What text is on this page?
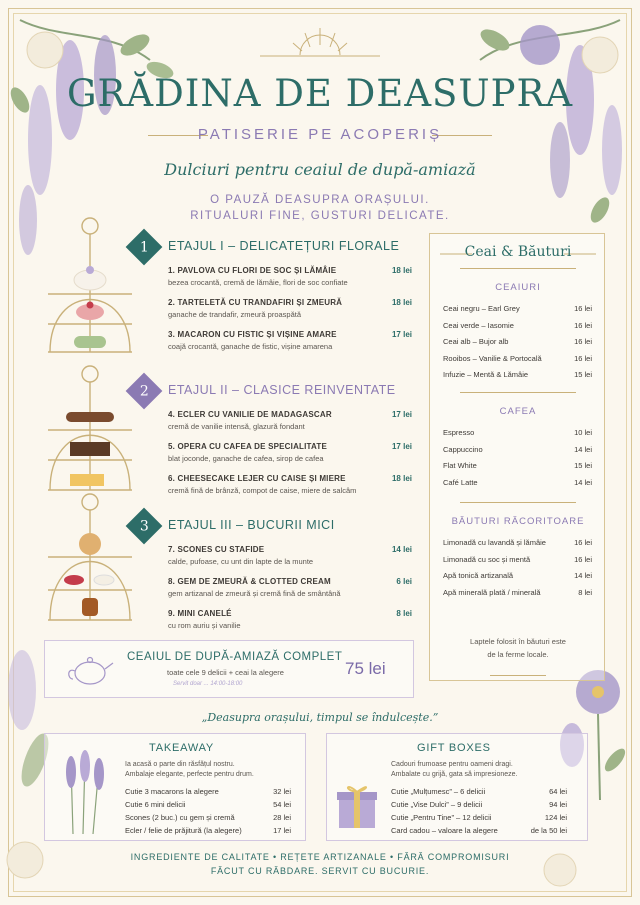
GRĂDINA DE DEASUPRA
PATISERIE PE ACOPERIȘ
Dulciuri pentru ceaiul de după-amiază
O PAUZĂ DEASUPRA ORAȘULUI.
RITUALURI FINE, GUSTURI DELICATE.
1 ETAJUL I – DELICATEȚURI FLORALE
1. PAVLOVA CU FLORI DE SOC ȘI LĂMÂIE
bezea crocantă, cremă de lămâie, flori de soc confiate
18 lei
2. TARTELETĂ CU TRANDAFIRI ȘI ZMEURĂ
ganache de trandafir, zmeură proaspătă
18 lei
3. MACARON CU FISTIC ȘI VIȘINE AMARE
coajă crocantă, ganache de fistic, vișine amarena
17 lei
2 ETAJUL II – CLASICE REINVENTATE
4. ECLER CU VANILIE DE MADAGASCAR
cremă de vanilie intensă, glazură fondant
17 lei
5. OPERA CU CAFEA DE SPECIALITATE
blat joconde, ganache de cafea, sirop de cafea
17 lei
6. CHEESECAKE LEJER CU CAISE ȘI MIERE
cremă fină de brânză, compot de caise, miere de salcâm
18 lei
3 ETAJUL III – BUCURII MICI
7. SCONES CU STAFIDE
calde, pufoase, cu unt din lapte de la munte
14 lei
8. GEM DE ZMEURĂ & CLOTTED CREAM
gem artizanal de zmeură și cremă fină de smântână
6 lei
9. MINI CANELÉ
cu rom auriu și vanilie
8 lei
Ceai & Băuturi
CEAIURI
Ceai negru – Earl Grey	16 lei
Ceai verde – Iasomie	16 lei
Ceai alb – Bujor alb	16 lei
Rooibos – Vanilie & Portocală	16 lei
Infuzie – Mentă & Lămâie	15 lei
CAFEA
Espresso	10 lei
Cappuccino	14 lei
Flat White	15 lei
Café Latte	14 lei
BĂUTURI RĂCORITOARE
Limonadă cu lavandă și lămâie	16 lei
Limonadă cu soc și mentă	16 lei
Apă tonică artizanală	14 lei
Apă minerală plată / minerală	8 lei
Laptele folosit în băuturi este
de la ferme locale.
CEAIUL DE DUPĂ-AMIAZĂ COMPLET
toate cele 9 delicii + ceai la alegere
Servit doar ... 14:00-18:00
75 lei
„Deasupra orașului, timpul se îndulcește.”
TAKEAWAY
Ia acasă o parte din răsfățul nostru.
Ambalaje elegante, perfecte pentru drum.
Cutie 3 macarons la alegere	32 lei
Cutie 6 mini delicii	54 lei
Scones (2 buc.) cu gem și cremă	28 lei
Ecler / felie de prăjitură (la alegere)	17 lei
GIFT BOXES
Cadouri frumoase pentru oameni dragi.
Ambalate cu grijă, gata să impresioneze.
Cutie „Mulțumesc” – 6 delicii	64 lei
Cutie „Vise Dulci” – 9 delicii	94 lei
Cutie „Pentru Tine” – 12 delicii	124 lei
Card cadou – valoare la alegere	de la 50 lei
INGREDIENTE DE CALITATE • REȚETE ARTIZANALE • FĂRĂ COMPROMISURI
FĂCUT CU RĂBDARE. SERVIT CU BUCURIE.
